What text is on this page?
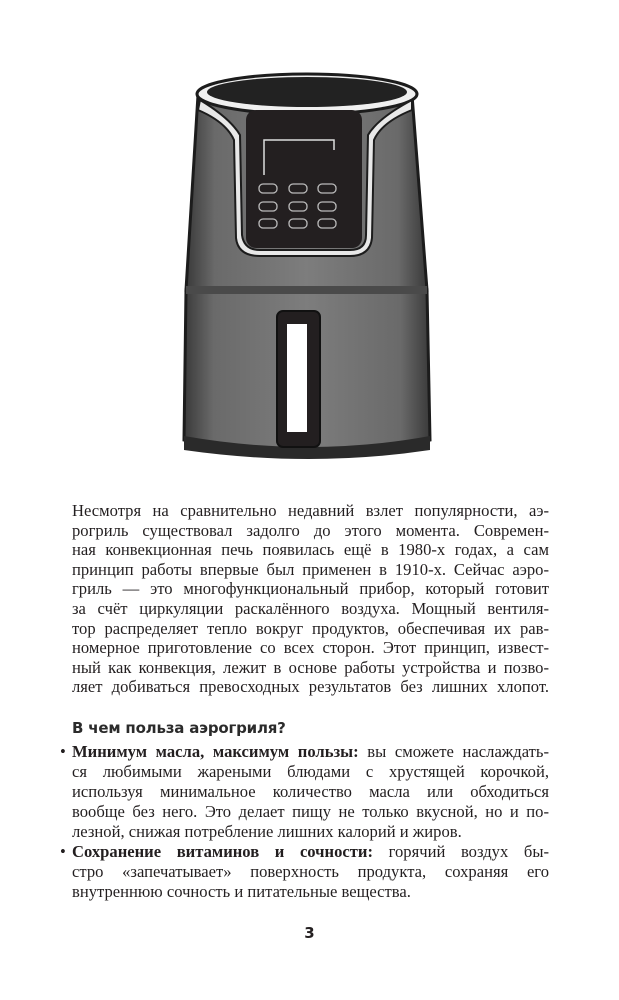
Несмотря на сравнительно недавний взлет популярности, аэ-
рогриль существовал задолго до этого момента. Современ-
ная конвекционная печь появилась ещё в 1980-х годах, а сам
принцип работы впервые был применен в 1910-х. Сейчас аэро-
гриль — это многофункциональный прибор, который готовит
за счёт циркуляции раскалённого воздуха. Мощный вентиля-
тор распределяет тепло вокруг продуктов, обеспечивая их рав-
номерное приготовление со всех сторон. Этот принцип, извест-
ный как конвекция, лежит в основе работы устройства и позво-
ляет добиваться превосходных результатов без лишних хлопот.
В чем польза аэрогриля?
• Минимум масла, максимум пользы: вы сможете наслаждать-
ся любимыми жареными блюдами с хрустящей корочкой,
используя минимальное количество масла или обходиться
вообще без него. Это делает пищу не только вкусной, но и по-
лезной, снижая потребление лишних калорий и жиров.
• Сохранение витаминов и сочности: горячий воздух бы-
стро «запечатывает» поверхность продукта, сохраняя его
внутреннюю сочность и питательные вещества.
3
